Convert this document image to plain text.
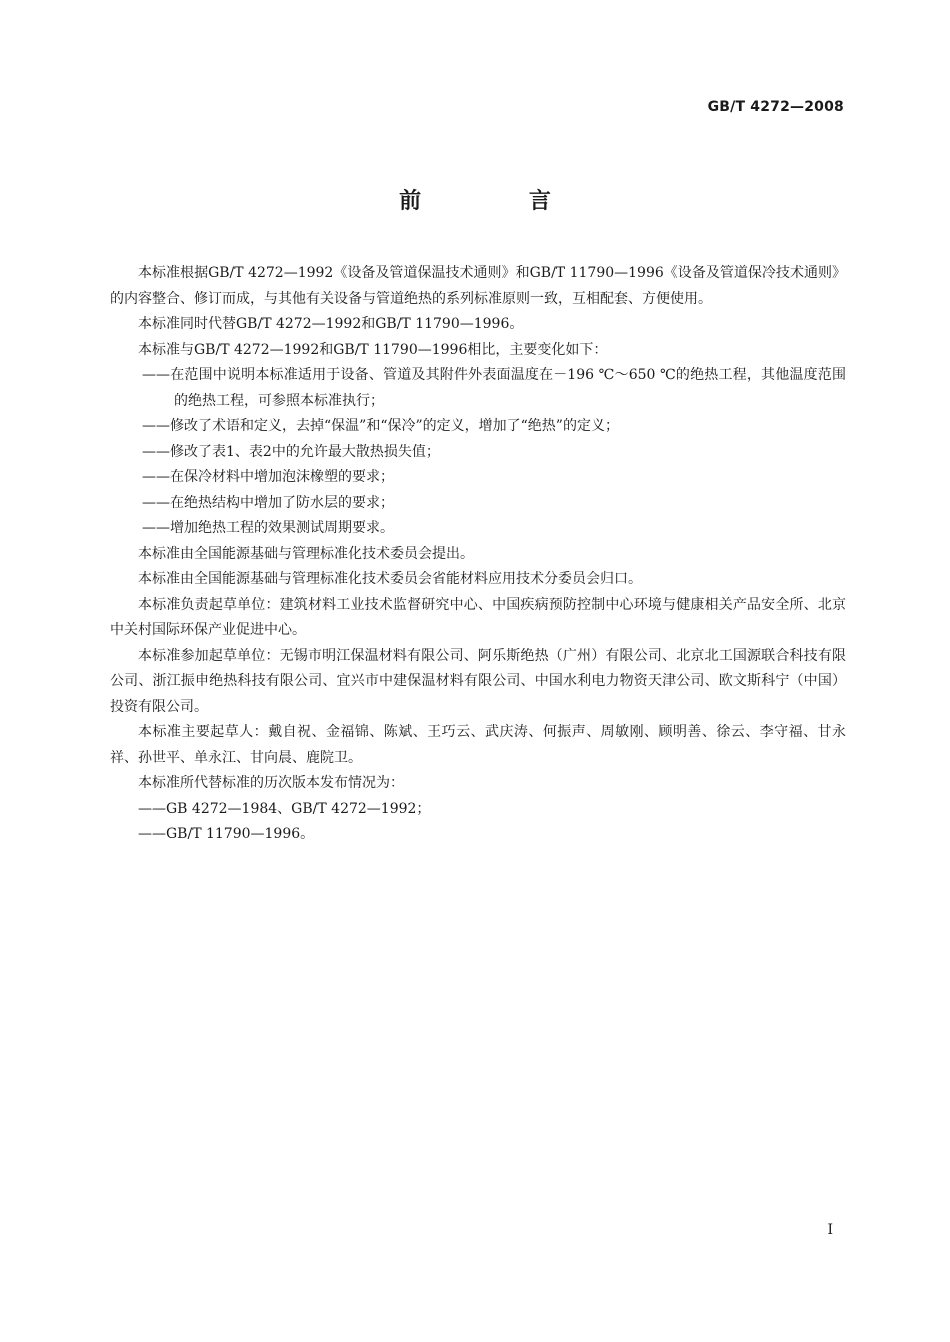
GB/T 4272—2008
前 言

本标准根据GB/T 4272—1992《设备及管道保温技术通则》和GB/T 11790—1996《设备及管道保冷技术通则》的内容整合、修订而成，与其他有关设备与管道绝热的系列标准原则一致，互相配套、方便使用。

本标准同时代替GB/T 4272—1992和GB/T 11790—1996。

本标准与GB/T 4272—1992和GB/T 11790—1996相比，主要变化如下：

——在范围中说明本标准适用于设备、管道及其附件外表面温度在－196 ℃～650 ℃的绝热工程，其他温度范围的绝热工程，可参照本标准执行；

——修改了术语和定义，去掉“保温”和“保冷”的定义，增加了“绝热”的定义；

——修改了表1、表2中的允许最大散热损失值；

——在保冷材料中增加泡沫橡塑的要求；

——在绝热结构中增加了防水层的要求；

——增加绝热工程的效果测试周期要求。

本标准由全国能源基础与管理标准化技术委员会提出。

本标准由全国能源基础与管理标准化技术委员会省能材料应用技术分委员会归口。

本标准负责起草单位：建筑材料工业技术监督研究中心、中国疾病预防控制中心环境与健康相关产品安全所、北京中关村国际环保产业促进中心。

本标准参加起草单位：无锡市明江保温材料有限公司、阿乐斯绝热（广州）有限公司、北京北工国源联合科技有限公司、浙江振申绝热科技有限公司、宜兴市中建保温材料有限公司、中国水利电力物资天津公司、欧文斯科宁（中国）投资有限公司。

本标准主要起草人：戴自祝、金福锦、陈斌、王巧云、武庆涛、何振声、周敏刚、顾明善、徐云、李守福、甘永祥、孙世平、单永江、甘向晨、鹿院卫。

本标准所代替标准的历次版本发布情况为：

——GB 4272—1984、GB/T 4272—1992；

——GB/T 11790—1996。

I
